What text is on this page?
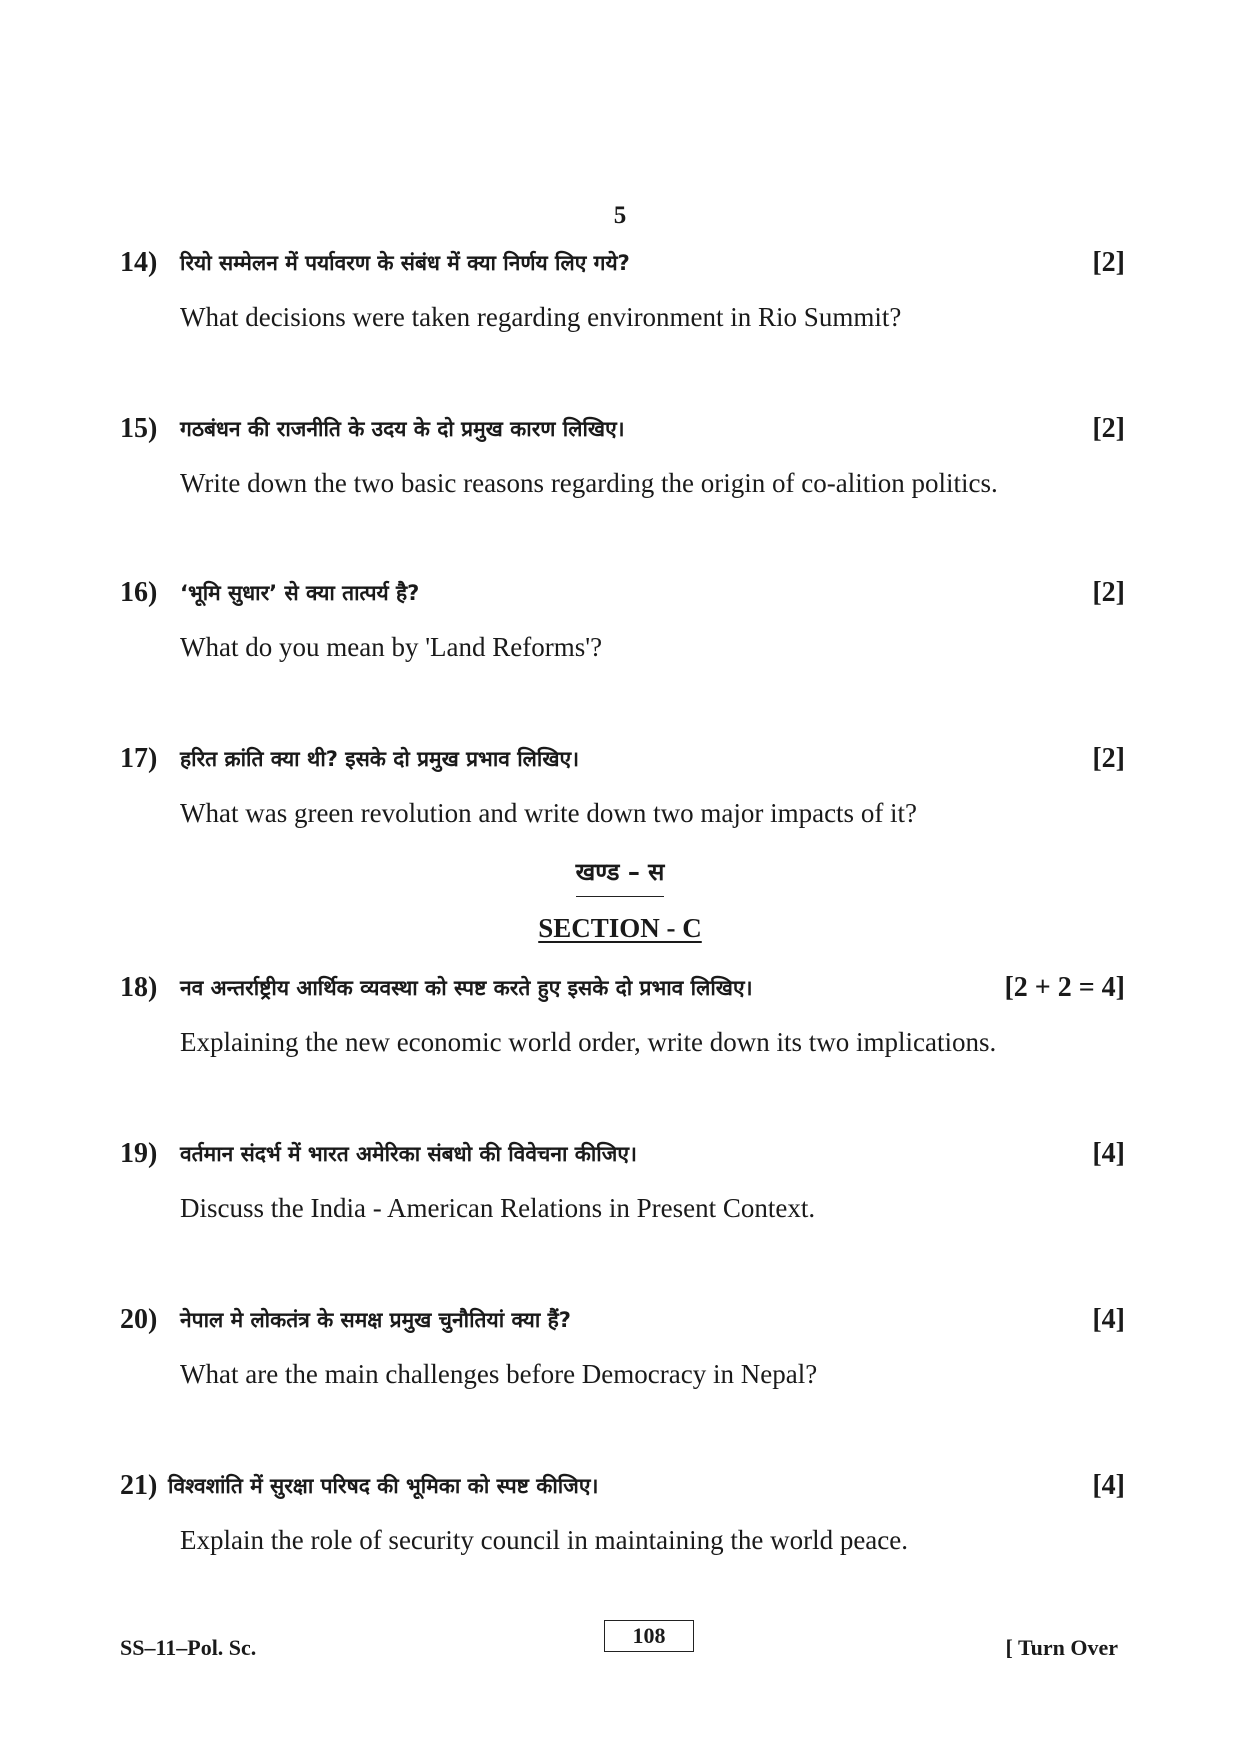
5
14) रियो सम्मेलन में पर्यावरण के संबंध में क्या निर्णय लिए गये?	[2]
What decisions were taken regarding environment in Rio Summit?
15) गठबंधन की राजनीति के उदय के दो प्रमुख कारण लिखिए।	[2]
Write down the two basic reasons regarding the origin of co-alition politics.
16) ‘भूमि सुधार’ से क्या तात्पर्य है?	[2]
What do you mean by 'Land Reforms'?
17) हरित क्रांति क्या थी? इसके दो प्रमुख प्रभाव लिखिए।	[2]
What was green revolution and write down two major impacts of it?
खण्ड – स
SECTION - C
18) नव अन्तर्राष्ट्रीय आर्थिक व्यवस्था को स्पष्ट करते हुए इसके दो प्रभाव लिखिए।	[2 + 2 = 4]
Explaining the new economic world order, write down its two implications.
19) वर्तमान संदर्भ में भारत अमेरिका संबधो की विवेचना कीजिए।	[4]
Discuss the India - American Relations in Present Context.
20) नेपाल मे लोकतंत्र के समक्ष प्रमुख चुनौतियां क्या हैं?	[4]
What are the main challenges before Democracy in Nepal?
21) विश्वशांति में सुरक्षा परिषद की भूमिका को स्पष्ट कीजिए।	[4]
Explain the role of security council in maintaining the world peace.
SS–11–Pol. Sc.	108	[ Turn Over
